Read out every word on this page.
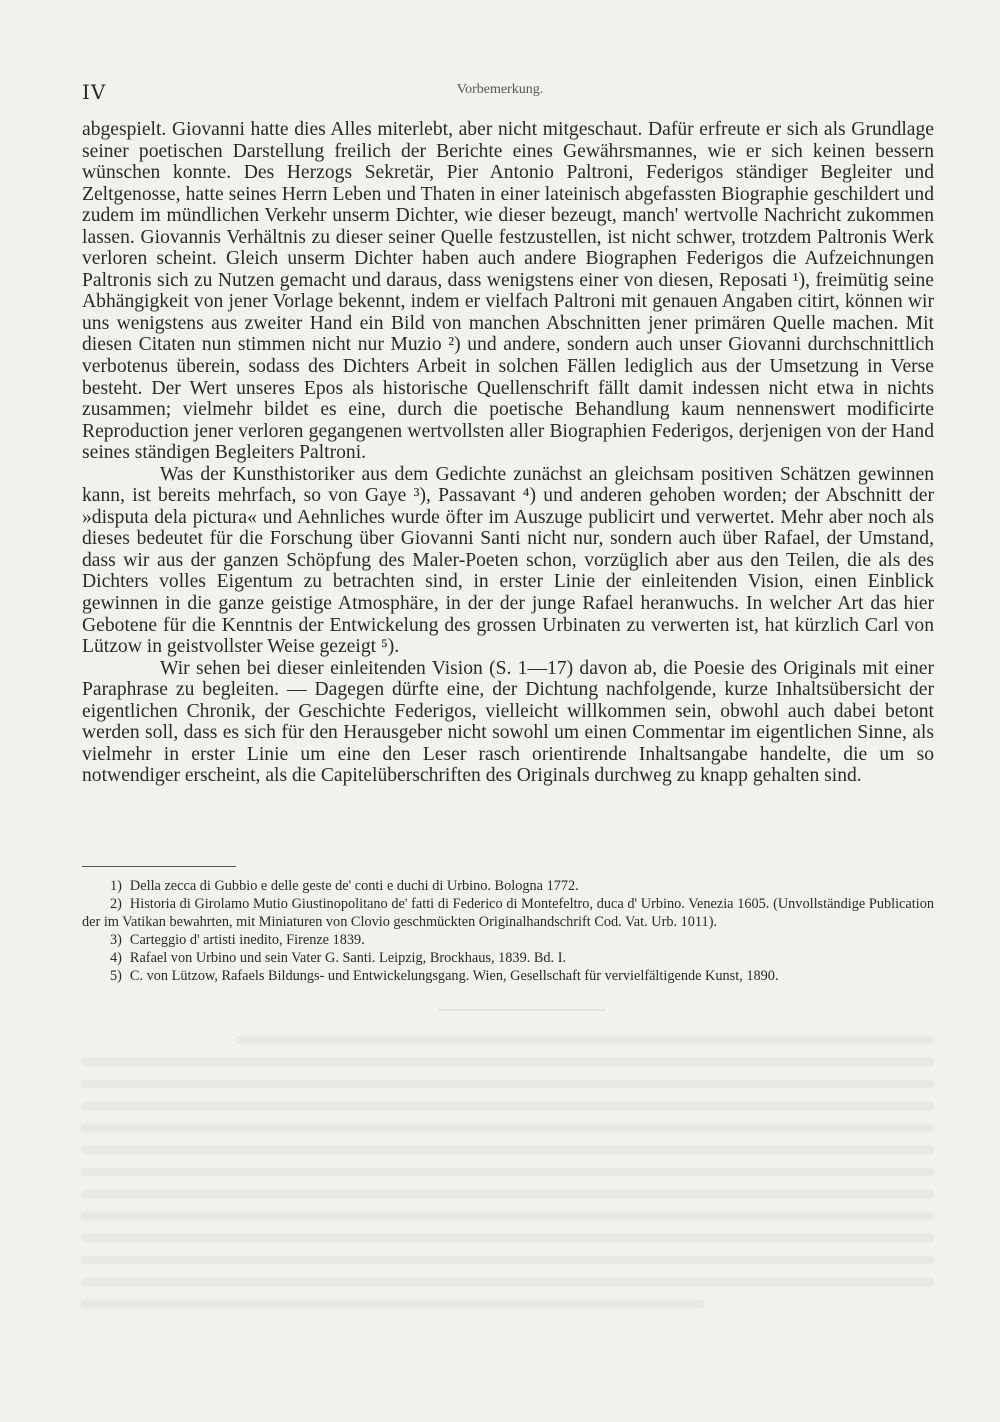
IV	Vorbemerkung.

abgespielt. Giovanni hatte dies Alles miterlebt, aber nicht mitgeschaut. Dafür erfreute er sich als Grundlage seiner poetischen Darstellung freilich der Berichte eines Gewährsmannes, wie er sich keinen bessern wünschen konnte. Des Herzogs Sekretär, Pier Antonio Paltroni, Federigos ständiger Begleiter und Zeltgenosse, hatte seines Herrn Leben und Thaten in einer lateinisch abgefassten Biographie geschildert und zudem im mündlichen Verkehr unserm Dichter, wie dieser bezeugt, manch' wertvolle Nachricht zukommen lassen. Giovannis Verhältnis zu dieser seiner Quelle festzustellen, ist nicht schwer, trotzdem Paltronis Werk verloren scheint. Gleich unserm Dichter haben auch andere Biographen Federigos die Aufzeichnungen Paltronis sich zu Nutzen gemacht und daraus, dass wenigstens einer von diesen, Reposati ¹), freimütig seine Abhängigkeit von jener Vorlage bekennt, indem er vielfach Paltroni mit genauen Angaben citirt, können wir uns wenigstens aus zweiter Hand ein Bild von manchen Abschnitten jener primären Quelle machen. Mit diesen Citaten nun stimmen nicht nur Muzio ²) und andere, sondern auch unser Giovanni durchschnittlich verbotenus überein, sodass des Dichters Arbeit in solchen Fällen lediglich aus der Umsetzung in Verse besteht. Der Wert unseres Epos als historische Quellenschrift fällt damit indessen nicht etwa in nichts zusammen; vielmehr bildet es eine, durch die poetische Behandlung kaum nennenswert modificirte Reproduction jener verloren gegangenen wertvollsten aller Biographien Federigos, derjenigen von der Hand seines ständigen Begleiters Paltroni.

Was der Kunsthistoriker aus dem Gedichte zunächst an gleichsam positiven Schätzen gewinnen kann, ist bereits mehrfach, so von Gaye ³), Passavant ⁴) und anderen gehoben worden; der Abschnitt der »disputa dela pictura« und Aehnliches wurde öfter im Auszuge publicirt und verwertet. Mehr aber noch als dieses bedeutet für die Forschung über Giovanni Santi nicht nur, sondern auch über Rafael, der Umstand, dass wir aus der ganzen Schöpfung des Maler-Poeten schon, vorzüglich aber aus den Teilen, die als des Dichters volles Eigentum zu betrachten sind, in erster Linie der einleitenden Vision, einen Einblick gewinnen in die ganze geistige Atmosphäre, in der der junge Rafael heranwuchs. In welcher Art das hier Gebotene für die Kenntnis der Entwickelung des grossen Urbinaten zu verwerten ist, hat kürzlich Carl von Lützow in geistvollster Weise gezeigt ⁵).

Wir sehen bei dieser einleitenden Vision (S. 1—17) davon ab, die Poesie des Originals mit einer Paraphrase zu begleiten. — Dagegen dürfte eine, der Dichtung nachfolgende, kurze Inhaltsübersicht der eigentlichen Chronik, der Geschichte Federigos, vielleicht willkommen sein, obwohl auch dabei betont werden soll, dass es sich für den Herausgeber nicht sowohl um einen Commentar im eigentlichen Sinne, als vielmehr in erster Linie um eine den Leser rasch orientirende Inhaltsangabe handelte, die um so notwendiger erscheint, als die Capitelüberschriften des Originals durchweg zu knapp gehalten sind.

1) Della zecca di Gubbio e delle geste de' conti e duchi di Urbino. Bologna 1772.
2) Historia di Girolamo Mutio Giustinopolitano de' fatti di Federico di Montefeltro, duca d' Urbino. Venezia 1605. (Unvollständige Publication der im Vatikan bewahrten, mit Miniaturen von Clovio geschmückten Originalhandschrift Cod. Vat. Urb. 1011).
3) Carteggio d' artisti inedito, Firenze 1839.
4) Rafael von Urbino und sein Vater G. Santi. Leipzig, Brockhaus, 1839. Bd. I.
5) C. von Lützow, Rafaels Bildungs- und Entwickelungsgang. Wien, Gesellschaft für vervielfältigende Kunst, 1890.
